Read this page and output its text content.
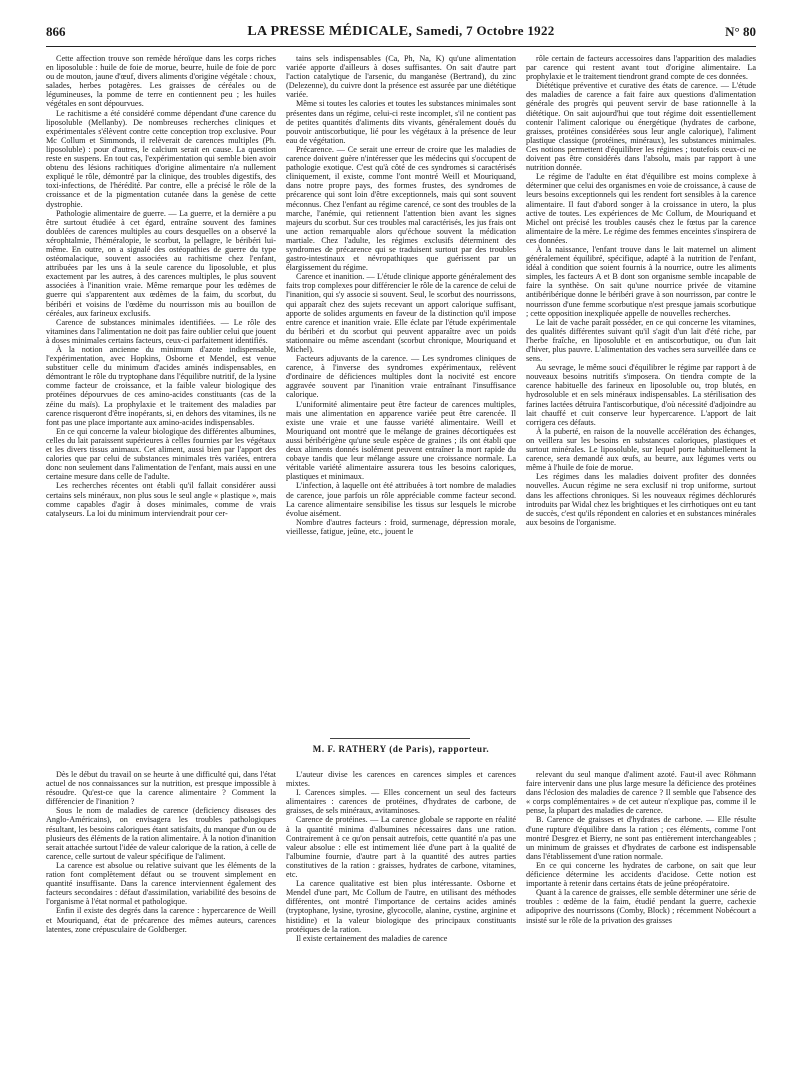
866	LA PRESSE MÉDICALE, Samedi, 7 Octobre 1922	N° 80

Cette affection trouve son remède héroïque dans les corps riches en liposoluble : huile de foie de morue, beurre, huile de foie de porc ou de mouton, jaune d'œuf, divers aliments d'origine végétale : choux, salades, herbes potagères. Les graisses de céréales ou de légumineuses, la pomme de terre en contiennent peu ; les huiles végétales en sont dépourvues.

Le rachitisme a été considéré comme dépendant d'une carence du liposoluble (Mellanby). De nombreuses recherches cliniques et expérimentales s'élèvent contre cette conception trop exclusive. Pour Mc Collum et Simmonds, il relèverait de carences multiples (Ph. liposoluble) : pour d'autres, le calcium serait en cause. La question reste en suspens. En tout cas, l'expérimentation qui semble bien avoir obtenu des lésions rachitiques d'origine alimentaire n'a nullement expliqué le rôle, démontré par la clinique, des troubles digestifs, des toxi-infections, de l'hérédité. Par contre, elle a précisé le rôle de la croissance et de la pigmentation cutanée dans la genèse de cette dystrophie.

Pathologie alimentaire de guerre. — La guerre, et la dernière a pu être surtout étudiée à cet égard, entraîne souvent des famines doublées de carences multiples au cours desquelles on a observé la xérophtalmie, l'héméralopie, le scorbut, la pellagre, le béribéri lui-même. En outre, on a signalé des ostéopathies de guerre du type ostéomalacique, souvent associées au rachitisme chez l'enfant, attribuées par les uns à la seule carence du liposoluble, et plus exactement par les autres, à des carences multiples, le plus souvent associées à l'inanition vraie. Même remarque pour les œdèmes de guerre qui s'apparentent aux œdèmes de la faim, du scorbut, du béribéri et voisins de l'œdème du nourrisson mis au bouillon de céréales, aux farineux exclusifs.

Carence de substances minimales identifiées. — Le rôle des vitamines dans l'alimentation ne doit pas faire oublier celui que jouent à doses minimales certains facteurs, ceux-ci parfaitement identifiés.

À la notion ancienne du minimum d'azote indispensable, l'expérimentation, avec Hopkins, Osborne et Mendel, est venue substituer celle du minimum d'acides aminés indispensables, en démontrant le rôle du tryptophane dans l'équilibre nutritif, de la lysine comme facteur de croissance, et la faible valeur biologique des protéines dépourvues de ces amino-acides constituants (cas de la zéine du maïs). La prophylaxie et le traitement des maladies par carence risqueront d'être inopérants, si, en dehors des vitamines, ils ne font pas une place importante aux amino-acides indispensables.

En ce qui concerne la valeur biologique des différentes albumines, celles du lait paraissent supérieures à celles fournies par les végétaux et les divers tissus animaux. Cet aliment, aussi bien par l'apport des calories que par celui de substances minimales très variées, entrera donc non seulement dans l'alimentation de l'enfant, mais aussi en une certaine mesure dans celle de l'adulte.

Les recherches récentes ont établi qu'il fallait considérer aussi certains sels minéraux, non plus sous le seul angle « plastique », mais comme capables d'agir à doses minimales, comme de vrais catalyseurs. La loi du minimum interviendrait pour cer-

tains sels indispensables (Ca, Ph, Na, K) qu'une alimentation variée apporte d'ailleurs à doses suffisantes. On sait d'autre part l'action catalytique de l'arsenic, du manganèse (Bertrand), du zinc (Delezenne), du cuivre dont la présence est assurée par une diététique variée.

Même si toutes les calories et toutes les substances minimales sont présentes dans un régime, celui-ci reste incomplet, s'il ne contient pas de petites quantités d'aliments dits vivants, généralement doués du pouvoir antiscorbutique, lié pour les végétaux à la présence de leur eau de végétation.

Précarence. — Ce serait une erreur de croire que les maladies de carence doivent guère n'intéresser que les médecins qui s'occupent de pathologie exotique. C'est qu'à côté de ces syndromes si caractérisés cliniquement, il existe, comme l'ont montré Weill et Mouriquand, dans notre propre pays, des formes frustes, des syndromes de précarence qui sont loin d'être exceptionnels, mais qui sont souvent méconnus. Chez l'enfant au régime carencé, ce sont des troubles de la marche, l'anémie, qui retiennent l'attention bien avant les signes majeurs du scorbut. Sur ces troubles mal caractérisés, les jus frais ont une action remarquable alors qu'échoue souvent la médication martiale. Chez l'adulte, les régimes exclusifs déterminent des syndromes de précarence qui se traduisent surtout par des troubles gastro-intestinaux et névropathiques que guérissent par un élargissement du régime.

Carence et inanition. — L'étude clinique apporte généralement des faits trop complexes pour différencier le rôle de la carence de celui de l'inanition, qui s'y associe si souvent. Seul, le scorbut des nourrissons, qui apparaît chez des sujets recevant un apport calorique suffisant, apporte de solides arguments en faveur de la distinction qu'il impose entre carence et inanition vraie. Elle éclate par l'étude expérimentale du béribéri et du scorbut qui peuvent apparaître avec un poids stationnaire ou même ascendant (scorbut chronique, Mouriquand et Michel).

Facteurs adjuvants de la carence. — Les syndromes cliniques de carence, à l'inverse des syndromes expérimentaux, relèvent d'ordinaire de déficiences multiples dont la nocivité est encore aggravée souvent par l'inanition vraie entraînant l'insuffisance calorique.

L'uniformité alimentaire peut être facteur de carences multiples, mais une alimentation en apparence variée peut être carencée. Il existe une vraie et une fausse variété alimentaire. Weill et Mouriquand ont montré que le mélange de graines décortiquées est aussi béribérigène qu'une seule espèce de graines ; ils ont établi que deux aliments donnés isolément peuvent entraîner la mort rapide du cobaye tandis que leur mélange assure une croissance normale. La véritable variété alimentaire assurera tous les besoins caloriques, plastiques et minimaux.

L'infection, à laquelle ont été attribuées à tort nombre de maladies de carence, joue parfois un rôle appréciable comme facteur second. La carence alimentaire sensibilise les tissus sur lesquels le microbe évolue aisément.

Nombre d'autres facteurs : froid, surmenage, dépression morale, vieillesse, fatigue, jeûne, etc., jouent le

rôle certain de facteurs accessoires dans l'apparition des maladies par carence qui restent avant tout d'origine alimentaire. La prophylaxie et le traitement tiendront grand compte de ces données.

Diététique préventive et curative des états de carence. — L'étude des maladies de carence a fait faire aux questions d'alimentation générale des progrès qui peuvent servir de base rationnelle à la diététique. On sait aujourd'hui que tout régime doit essentiellement contenir l'aliment calorique ou énergétique (hydrates de carbone, graisses, protéines considérées sous leur angle calorique), l'aliment plastique classique (protéines, minéraux), les substances minimales. Ces notions permettent d'équilibrer les régimes ; toutefois ceux-ci ne doivent pas être considérés dans l'absolu, mais par rapport à une nutrition donnée.

Le régime de l'adulte en état d'équilibre est moins complexe à déterminer que celui des organismes en voie de croissance, à cause de leurs besoins exceptionnels qui les rendent fort sensibles à la carence alimentaire. Il faut d'abord songer à la croissance in utero, la plus active de toutes. Les expériences de Mc Collum, de Mouriquand et Michel ont précisé les troubles causés chez le fœtus par la carence alimentaire de la mère. Le régime des femmes enceintes s'inspirera de ces données.

À la naissance, l'enfant trouve dans le lait maternel un aliment généralement équilibré, spécifique, adapté à la nutrition de l'enfant, idéal à condition que soient fournis à la nourrice, outre les aliments simples, les facteurs A et B dont son organisme semble incapable de faire la synthèse. On sait qu'une nourrice privée de vitamine antibéribérique donne le béribéri grave à son nourrisson, par contre le nourrisson d'une femme scorbutique n'est presque jamais scorbutique ; cette opposition inexpliquée appelle de nouvelles recherches.

Le lait de vache paraît posséder, en ce qui concerne les vitamines, des qualités différentes suivant qu'il s'agit d'un lait d'été riche, par l'herbe fraîche, en liposoluble et en antiscorbutique, ou d'un lait d'hiver, plus pauvre. L'alimentation des vaches sera surveillée dans ce sens.

Au sevrage, le même souci d'équilibrer le régime par rapport à de nouveaux besoins nutritifs s'imposera. On tiendra compte de la carence habituelle des farineux en liposoluble ou, trop blutés, en hydrosoluble et en sels minéraux indispensables. La stérilisation des farines lactées détruira l'antiscorbutique, d'où nécessité d'adjoindre au lait chauffé et cuit conserve leur hypercarence. L'apport de lait corrigera ces défauts.

À la puberté, en raison de la nouvelle accélération des échanges, on veillera sur les besoins en substances caloriques, plastiques et surtout minérales. Le liposoluble, sur lequel porte habituellement la carence, sera demandé aux œufs, au beurre, aux légumes verts ou même à l'huile de foie de morue.

Les régimes dans les maladies doivent profiter des données nouvelles. Aucun régime ne sera exclusif ni trop uniforme, surtout dans les affections chroniques. Si les nouveaux régimes déchlorurés introduits par Widal chez les brightiques et les cirrhotiques ont eu tant de succès, c'est qu'ils répondent en calories et en substances minérales aux besoins de l'organisme.

M. F. RATHERY (de Paris), rapporteur.

Dès le début du travail on se heurte à une difficulté qui, dans l'état actuel de nos connaissances sur la nutrition, est presque impossible à résoudre. Qu'est-ce que la carence alimentaire ? Comment la différencier de l'inanition ?

Sous le nom de maladies de carence (deficiency diseases des Anglo-Américains), on envisagera les troubles pathologiques résultant, les besoins caloriques étant satisfaits, du manque d'un ou de plusieurs des éléments de la ration alimentaire. À la notion d'inanition serait attachée surtout l'idée de valeur calorique de la ration, à celle de carence, celle surtout de valeur spécifique de l'aliment.

La carence est absolue ou relative suivant que les éléments de la ration font complètement défaut ou se trouvent simplement en quantité insuffisante. Dans la carence interviennent également des facteurs secondaires : défaut d'assimilation, variabilité des besoins de l'organisme à l'état normal et pathologique.

Enfin il existe des degrés dans la carence : hypercarence de Weill et Mouriquand, état de précarence des mêmes auteurs, carences latentes, zone crépusculaire de Goldberger.

L'auteur divise les carences en carences simples et carences mixtes.

I. Carences simples. — Elles concernent un seul des facteurs alimentaires : carences de protéines, d'hydrates de carbone, de graisses, de sels minéraux, avitaminoses.

Carence de protéines. — La carence globale se rapporte en réalité à la quantité minima d'albumines nécessaires dans une ration. Contrairement à ce qu'on pensait autrefois, cette quantité n'a pas une valeur absolue : elle est intimement liée d'une part à la qualité de l'albumine fournie, d'autre part à la quantité des autres parties constitutives de la ration : graisses, hydrates de carbone, vitamines, etc.

La carence qualitative est bien plus intéressante. Osborne et Mendel d'une part, Mc Collum de l'autre, en utilisant des méthodes différentes, ont montré l'importance de certains acides aminés (tryptophane, lysine, tyrosine, glycocolle, alanine, cystine, arginine et histidine) et la valeur biologique des principaux constituants protéiques de la ration.

Il existe certainement des maladies de carence

relevant du seul manque d'aliment azoté. Faut-il avec Röhmann faire intervenir dans une plus large mesure la déficience des protéines dans l'éclosion des maladies de carence ? Il semble que l'absence des « corps complémentaires » de cet auteur n'explique pas, comme il le pense, la plupart des maladies de carence.

B. Carence de graisses et d'hydrates de carbone. — Elle résulte d'une rupture d'équilibre dans la ration ; ces éléments, comme l'ont montré Desgrez et Bierry, ne sont pas entièrement interchangeables ; un minimum de graisses et d'hydrates de carbone est indispensable dans l'établissement d'une ration normale.

En ce qui concerne les hydrates de carbone, on sait que leur déficience détermine les accidents d'acidose. Cette notion est importante à retenir dans certains états de jeûne préopératoire.

Quant à la carence de graisses, elle semble déterminer une série de troubles : œdème de la faim, étudié pendant la guerre, cachexie adipoprive des nourrissons (Comby, Block) ; récemment Nobécourt a insisté sur le rôle de la privation des graisses
